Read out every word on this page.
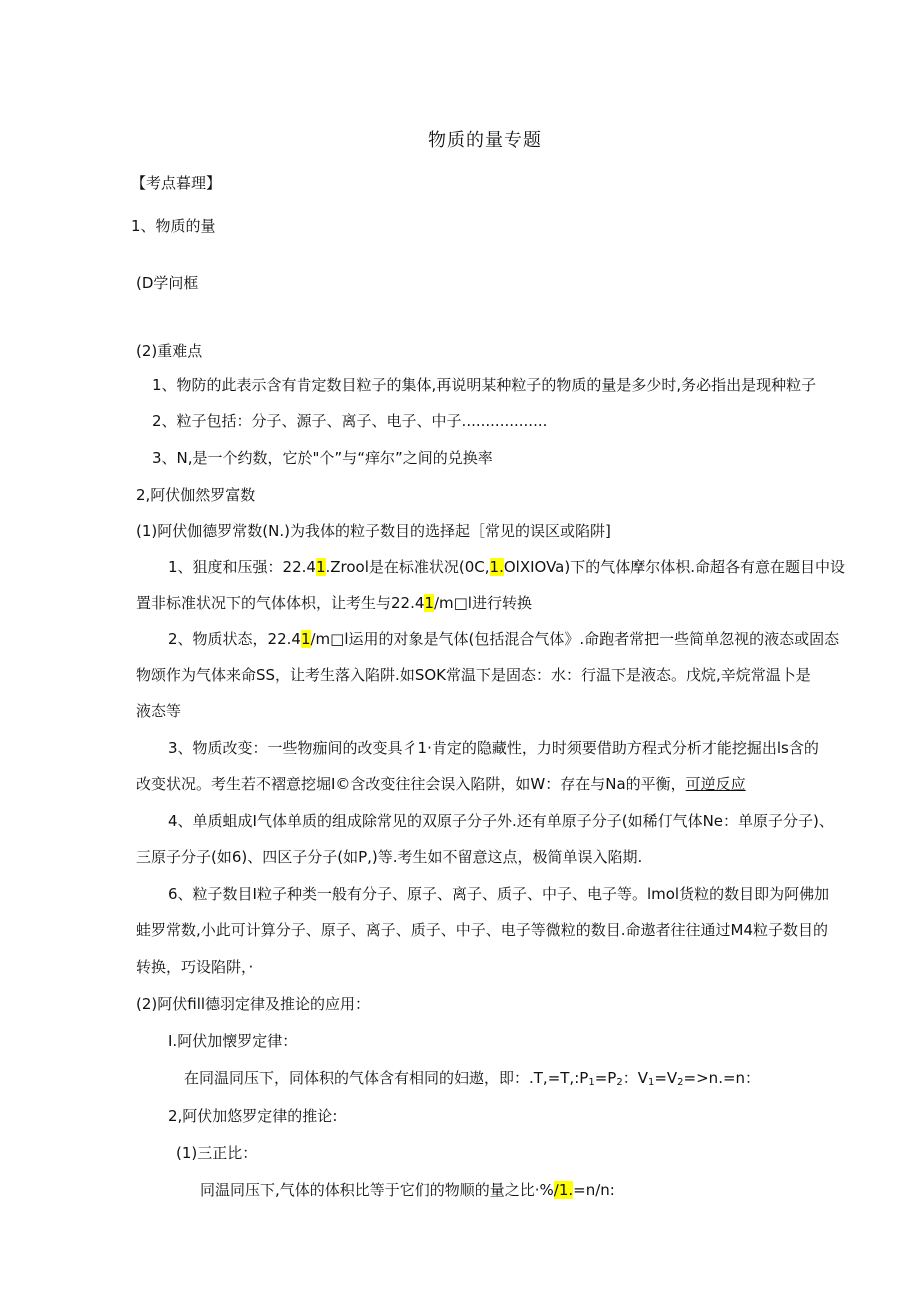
物质的量专题
【考点暮理】
1、物质的量
(D学问框
(2)重难点
1、物防的此表示含有肯定数目粒子的集体,再说明某种粒子的物质的量是多少时,务必指出是现种粒子
2、粒子包括：分子、源子、离子、电子、中子..................
3、N,是一个约数，它於"个”与“痒尔”之间的兑换率
2,阿伏伽然罗富数
(1)阿伏伽德罗常数(N.)为我体的粒子数目的选择起［常见的误区或陷阱]
1、狙度和压强：22.41.Zrool是在标准状况(0C,1.OlXIOVa)下的气体摩尔体枳.命超各有意在题目中设
置非标准状况下的气体体枳，让考生与22.41∕m□l进行转换
2、物质状态，22.41∕m□l运用的对象是气体(包括混合气体》.命跑者常把一些简单忽视的液态或固态
物颂作为气体来命SS，让考生落入陷阱.如SOK常温下是固态：水：行温下是液态。戊烷,辛烷常温卜是
液态等
3、物质改变：一些物痂间的改变具彳1·肯定的隐藏性，力时须要借助方程式分析才能挖掘出ls含的
改变状况。考生若不褶意挖堀I©含改变往往会误入陷阱，如W：存在与Na的平衡，可逆反应
4、单质蛆成I气体单质的组成除常见的双原子分子外.还有单原子分子(如稀仃气体Ne：单原子分子)、
三原子分子(如6)、四区子分子(如P,)等.考生如不留意这点，极简单误入陷期.
6、粒子数目I粒子种类一般有分子、原子、离子、质子、中子、电子等。lmol货粒的数目即为阿佛加
蛙罗常数,小此可计算分子、原子、离子、质子、中子、电子等微粒的数目.命遨者往往通过M4粒子数目的
转换，巧设陷阱，·
(2)阿伏fill德羽定律及推论的应用：
I.阿伏加懐罗定律：
在同温同压下，同体积的气体含有相同的妇遨，即：$.T,=T,:P_1=P_2$：$V_1=V_2=>n.=n$：
2,阿伏加悠罗定律的推论:
(1)三正比：
同温同压下,气体的体积比等于它们的物顺的量之比·%∕1.=n∕n:
